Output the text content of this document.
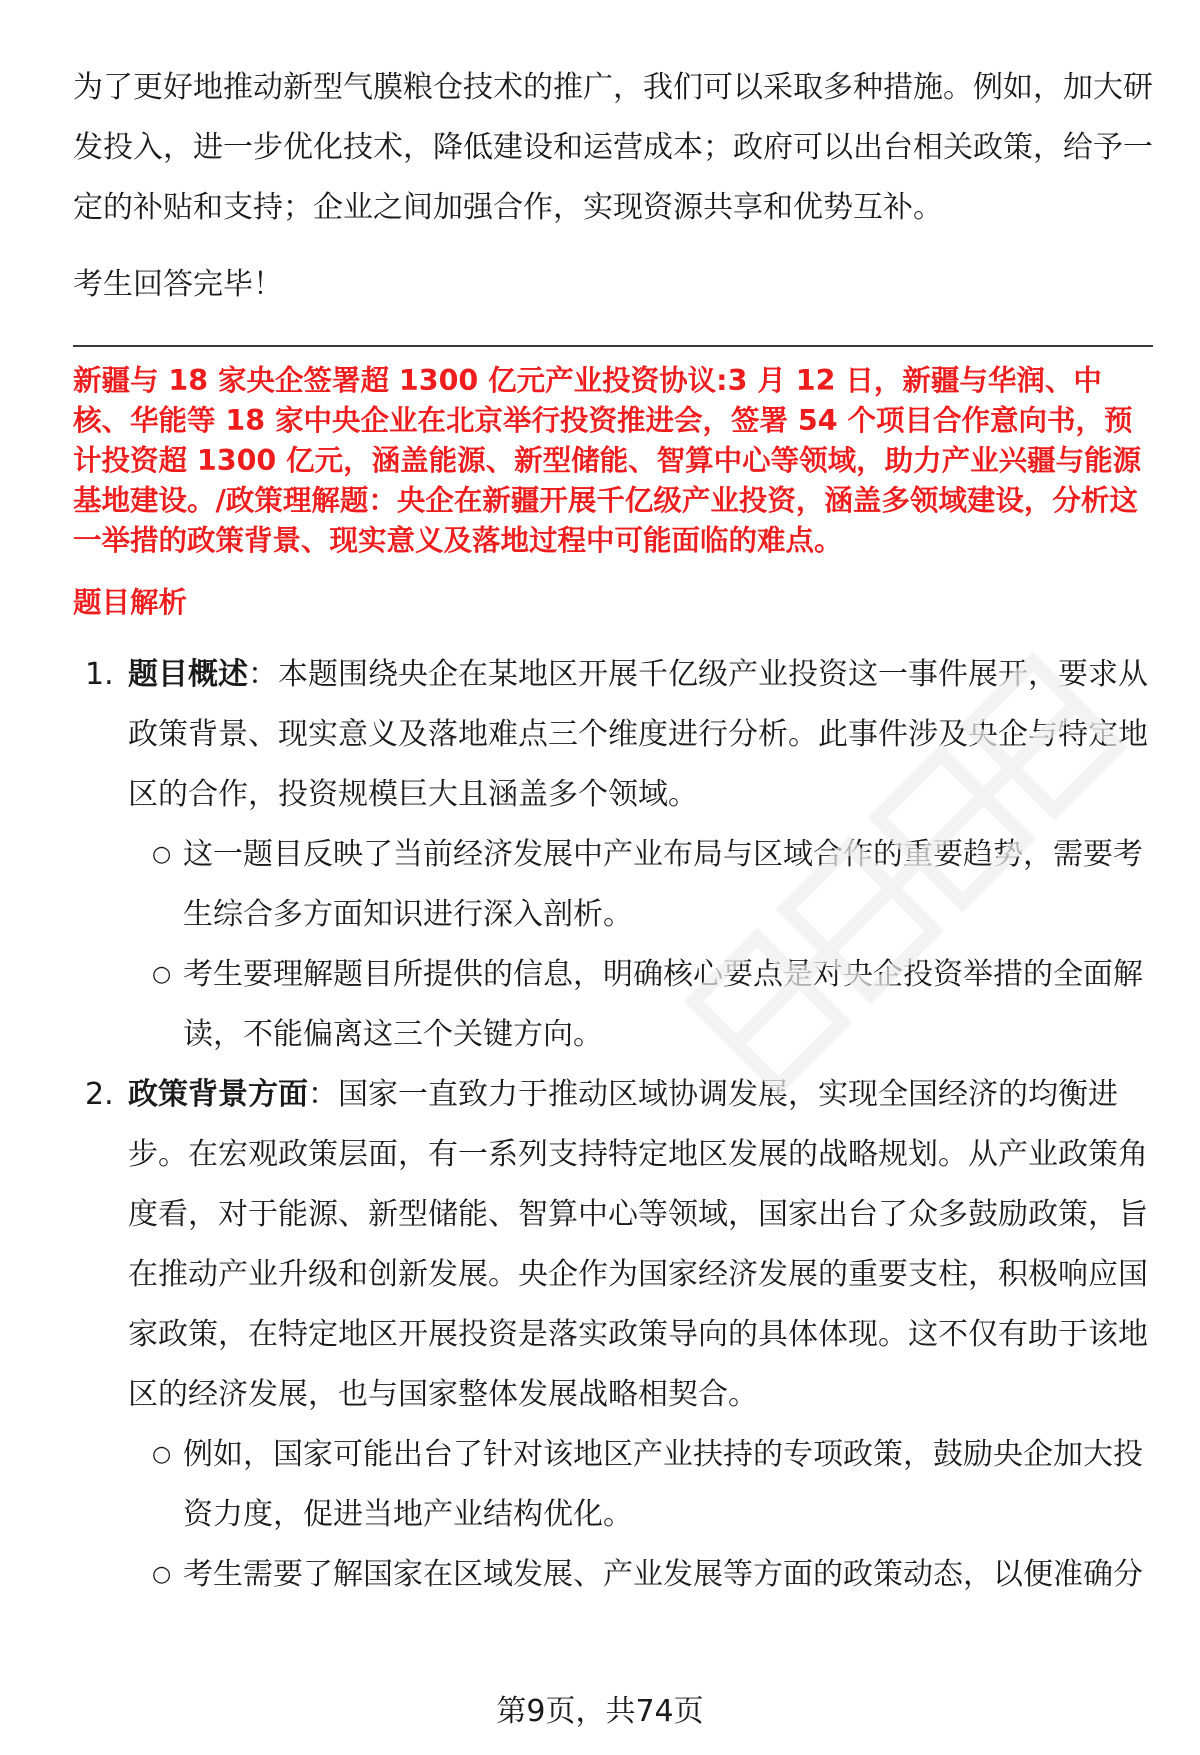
为了更好地推动新型气膜粮仓技术的推广，我们可以采取多种措施。例如，加大研发投入，进一步优化技术，降低建设和运营成本；政府可以出台相关政策，给予一定的补贴和支持；企业之间加强合作，实现资源共享和优势互补。

考生回答完毕！

新疆与 18 家央企签署超 1300 亿元产业投资协议:3 月 12 日，新疆与华润、中核、华能等 18 家中央企业在北京举行投资推进会，签署 54 个项目合作意向书，预计投资超 1300 亿元，涵盖能源、新型储能、智算中心等领域，助力产业兴疆与能源基地建设。/政策理解题：央企在新疆开展千亿级产业投资，涵盖多领域建设，分析这一举措的政策背景、现实意义及落地过程中可能面临的难点。

题目解析
1. 题目概述：本题围绕央企在某地区开展千亿级产业投资这一事件展开，要求从政策背景、现实意义及落地难点三个维度进行分析。此事件涉及央企与特定地区的合作，投资规模巨大且涵盖多个领域。
○ 这一题目反映了当前经济发展中产业布局与区域合作的重要趋势，需要考生综合多方面知识进行深入剖析。
○ 考生要理解题目所提供的信息，明确核心要点是对央企投资举措的全面解读，不能偏离这三个关键方向。
2. 政策背景方面：国家一直致力于推动区域协调发展，实现全国经济的均衡进步。在宏观政策层面，有一系列支持特定地区发展的战略规划。从产业政策角度看，对于能源、新型储能、智算中心等领域，国家出台了众多鼓励政策，旨在推动产业升级和创新发展。央企作为国家经济发展的重要支柱，积极响应国家政策，在特定地区开展投资是落实政策导向的具体体现。这不仅有助于该地区的经济发展，也与国家整体发展战略相契合。
○ 例如，国家可能出台了针对该地区产业扶持的专项政策，鼓励央企加大投资力度，促进当地产业结构优化。
○ 考生需要了解国家在区域发展、产业发展等方面的政策动态，以便准确分
第9页，共74页
